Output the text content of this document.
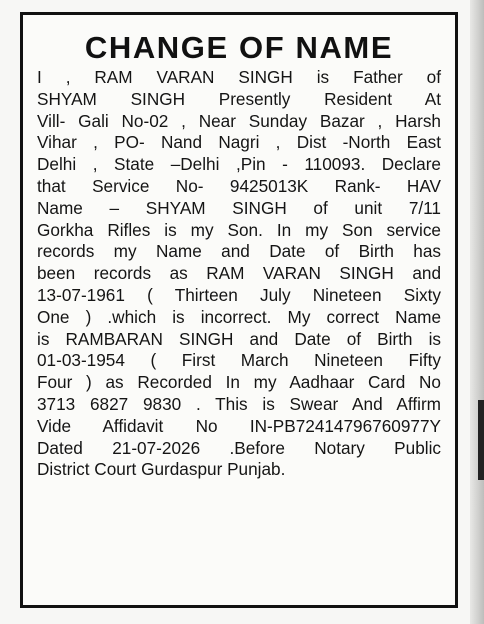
CHANGE OF NAME
I , RAM VARAN SINGH is Father of
SHYAM SINGH Presently Resident At
Vill- Gali No-02 , Near Sunday Bazar , Harsh
Vihar , PO- Nand Nagri , Dist -North East
Delhi , State –Delhi ,Pin - 110093. Declare
that Service No- 9425013K Rank- HAV
Name – SHYAM SINGH of unit 7/11
Gorkha Rifles is my Son. In my Son service
records my Name and Date of Birth has
been records as RAM VARAN SINGH and
13-07-1961 ( Thirteen July Nineteen Sixty
One ) .which is incorrect. My correct Name
is RAMBARAN SINGH and Date of Birth is
01-03-1954 ( First March Nineteen Fifty
Four ) as Recorded In my Aadhaar Card No
3713 6827 9830 . This is Swear And Affirm
Vide Affidavit No IN-PB72414796760977Y
Dated 21-07-2026 .Before Notary Public
District Court Gurdaspur Punjab.
